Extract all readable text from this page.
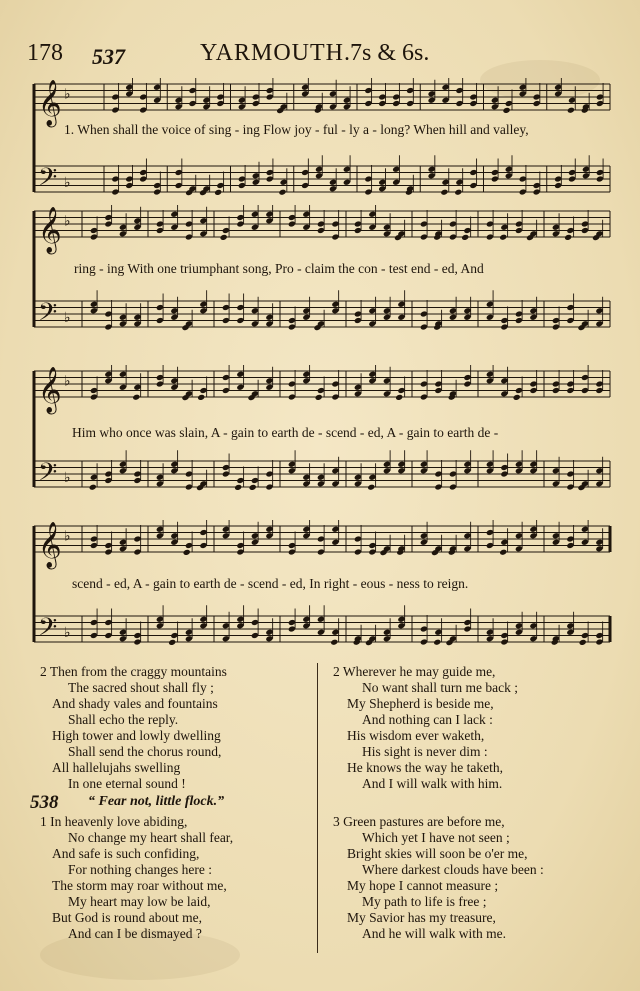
178 537	YARMOUTH.
7s & 6s.
𝄞 ♭
𝄢 ♭
1. When shall the voice of sing - ing Flow joy - ful - ly a - long? When hill and valley,
𝄞 ♭
𝄢 ♭
ring - ing With one triumphant song, Pro - claim the con - test end - ed, And
𝄞 ♭
𝄢 ♭
Him who once was slain, A - gain to earth de - scend - ed, A - gain to earth de -
𝄞 ♭
𝄢 ♭
scend - ed, A - gain to earth de - scend - ed, In right - eous - ness to reign.
2 Then from the craggy mountains
The sacred shout shall fly ;
And shady vales and fountains
Shall echo the reply.
High tower and lowly dwelling
Shall send the chorus round,
All hallelujahs swelling
In one eternal sound !
538 “ Fear not, little flock.”
1 In heavenly love abiding,
No change my heart shall fear,
And safe is such confiding,
For nothing changes here :
The storm may roar without me,
My heart may low be laid,
But God is round about me,
And can I be dismayed ?
2 Wherever he may guide me,
No want shall turn me back ;
My Shepherd is beside me,
And nothing can I lack :
His wisdom ever waketh,
His sight is never dim :
He knows the way he taketh,
And I will walk with him.
3 Green pastures are before me,
Which yet I have not seen ;
Bright skies will soon be o'er me,
Where darkest clouds have been :
My hope I cannot measure ;
My path to life is free ;
My Savior has my treasure,
And he will walk with me.
